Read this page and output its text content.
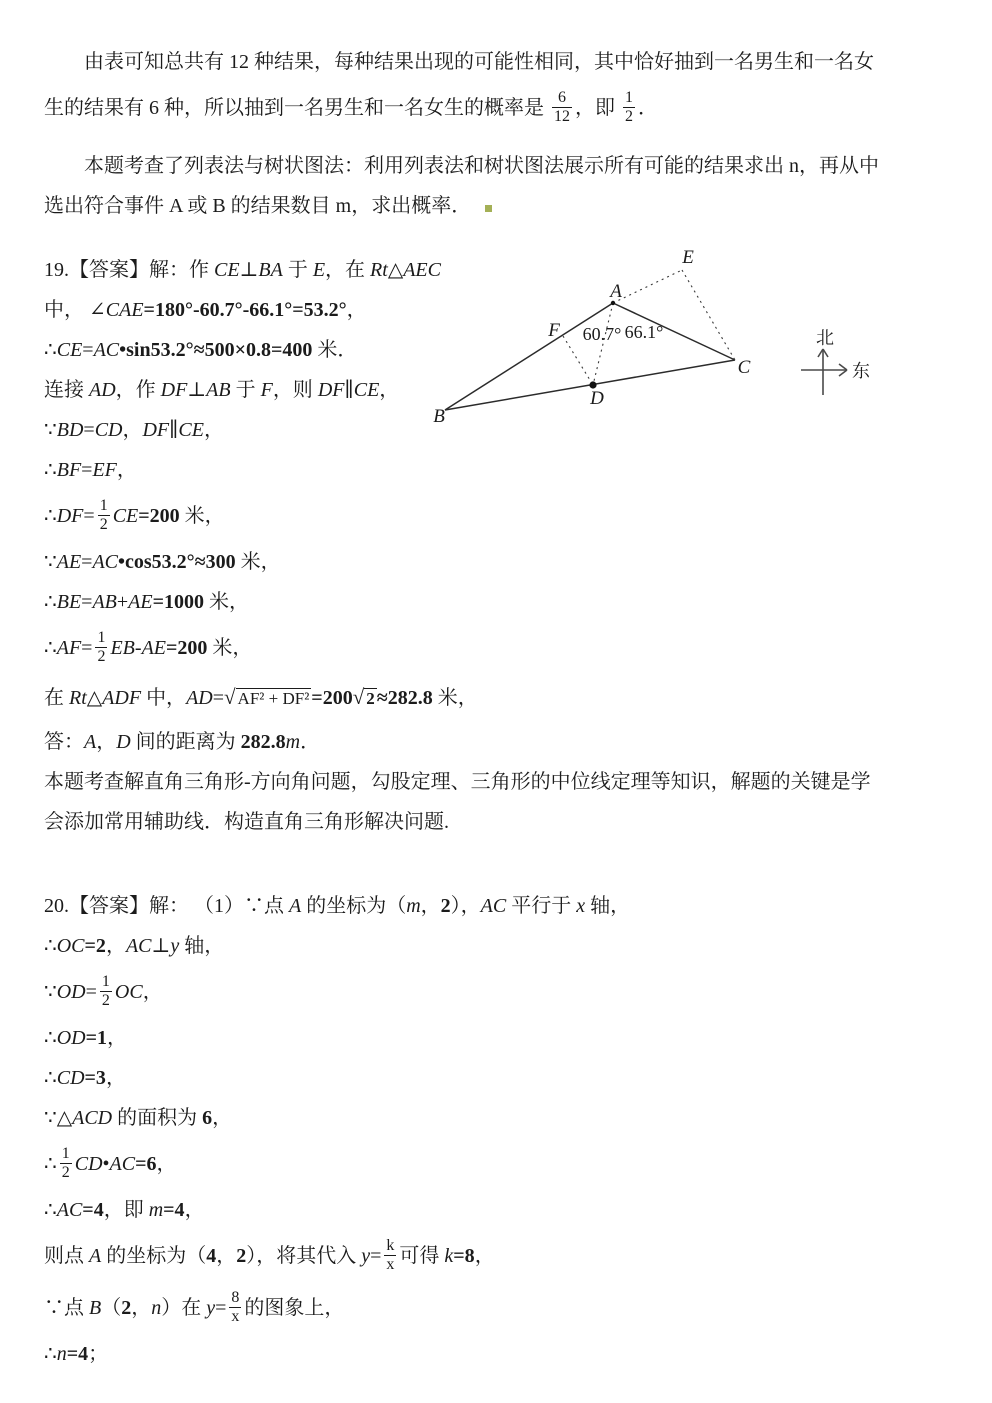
由表可知总共有 12 种结果，每种结果出现的可能性相同，其中恰好抽到一名男生和一名女
生的结果有 6 种，所以抽到一名男生和一名女生的概率是 $\frac{6}{12}$ ，即 $\frac{1}{2}$ ．
本题考查了列表法与树状图法：利用列表法和树状图法展示所有可能的结果求出 n，再从中
选出符合事件 A 或 B 的结果数目 m，求出概率．
19.【答案】解：作 CE⊥BA 于 E，在 Rt△AEC
中， ∠CAE=180°-60.7°-66.1°=53.2°，
∴CE=AC•sin53.2°≈500×0.8=400 米．
连接 AD，作 DF⊥AB 于 F，则 DF∥CE，
∵BD=CD，DF∥CE，
∴BF=EF，
∴DF= $\frac{1}{2} CE=200$ 米，
∵AE=AC•cos53.2°≈300 米，
∴BE=AB+AE=1000 米，
∴AF= $\frac{1}{2} EB-AE=200$ 米，
在 Rt△ADF 中，AD=√ AF² + DF² =200√ 2 ≈282.8 米，
答：A，D 间的距离为 282.8m．
本题考查解直角三角形-方向角问题，勾股定理、三角形的中位线定理等知识，解题的关键是学
会添加常用辅助线．构造直角三角形解决问题.
20.【答案】解： （1）∵点 A 的坐标为（m，2），AC 平行于 x 轴，
∴OC=2，AC⊥y 轴，
∵OD= $\frac{1}{2}$ OC，
∴OD=1，
∴CD=3，
∵△ACD 的面积为 6，
∴ $\frac{1}{2}$ CD•AC=6，
∴AC=4，即 m=4，
则点 A 的坐标为（4，2），将其代入 $y= \frac{k}{x}$ 可得 k=8，
∵点 B（2，n）在 $y= \frac{8}{x}$ 的图象上，
∴n=4；
A
B
C
D
E
F 60.7° 66.1°	北
东
